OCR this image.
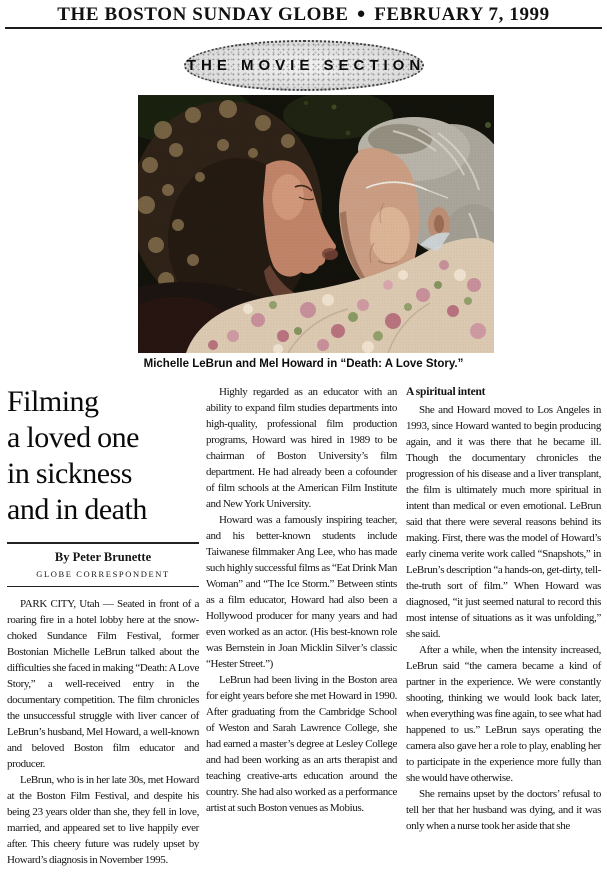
THE BOSTON SUNDAY GLOBE ● FEBRUARY 7, 1999
THE MOVIE SECTION
Michelle LeBrun and Mel Howard in “Death: A Love Story.”
Filming
a loved one
in sickness
and in death
By Peter Brunette
GLOBE CORRESPONDENT

PARK CITY, Utah — Seated in front of a roaring fire in a hotel lobby here at the snow-choked Sundance Film Festival, former Bostonian Michelle LeBrun talked about the difficulties she faced in making “Death: A Love Story,” a well-received entry in the documentary competition. The film chronicles the unsuccessful struggle with liver cancer of LeBrun’s husband, Mel Howard, a well-known and beloved Boston film educator and producer.

LeBrun, who is in her late 30s, met Howard at the Boston Film Festival, and despite his being 23 years older than she, they fell in love, married, and appeared set to live happily ever after. This cheery future was rudely upset by Howard’s diagnosis in November 1995.

Highly regarded as an educator with an ability to expand film studies departments into high-quality, professional film production programs, Howard was hired in 1989 to be chairman of Boston University’s film department. He had already been a cofounder of film schools at the American Film Institute and New York University.

Howard was a famously inspiring teacher, and his better-known students include Taiwanese filmmaker Ang Lee, who has made such highly successful films as “Eat Drink Man Woman” and “The Ice Storm.” Between stints as a film educator, Howard had also been a Hollywood producer for many years and had even worked as an actor. (His best-known role was Bernstein in Joan Micklin Silver’s classic “Hester Street.”)

LeBrun had been living in the Boston area for eight years before she met Howard in 1990. After graduating from the Cambridge School of Weston and Sarah Lawrence College, she had earned a master’s degree at Lesley College and had been working as an arts therapist and teaching creative-arts education around the country. She had also worked as a performance artist at such Boston venues as Mobius.

A spiritual intent

She and Howard moved to Los Angeles in 1993, since Howard wanted to begin producing again, and it was there that he became ill. Though the documentary chronicles the progression of his disease and a liver transplant, the film is ultimately much more spiritual in intent than medical or even emotional. LeBrun said that there were several reasons behind its making. First, there was the model of Howard’s early cinema verite work called “Snapshots,” in LeBrun’s description “a hands-on, get-dirty, tell-the-truth sort of film.” When Howard was diagnosed, “it just seemed natural to record this most intense of situations as it was unfolding,” she said.

After a while, when the intensity increased, LeBrun said “the camera became a kind of partner in the experience. We were constantly shooting, thinking we would look back later, when everything was fine again, to see what had happened to us.” LeBrun says operating the camera also gave her a role to play, enabling her to participate in the experience more fully than she would have otherwise.

She remains upset by the doctors’ refusal to tell her that her husband was dying, and it was only when a nurse took her aside that she
